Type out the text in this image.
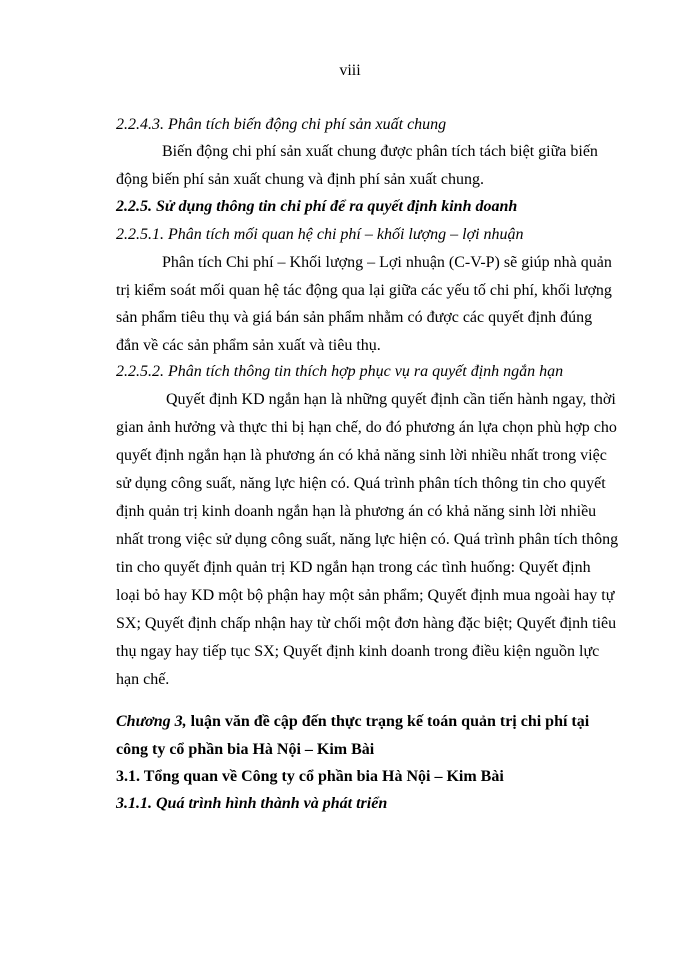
viii
2.2.4.3. Phân tích biến động chi phí sản xuất chung
Biến động chi phí sản xuất chung được phân tích tách biệt giữa biến
động biến phí sản xuất chung và định phí sản xuất chung.
2.2.5. Sử dụng thông tin chi phí để ra quyết định kinh doanh
2.2.5.1. Phân tích mối quan hệ chi phí – khối lượng – lợi nhuận
Phân tích Chi phí – Khối lượng – Lợi nhuận (C-V-P) sẽ giúp nhà quản
trị kiểm soát mối quan hệ tác động qua lại giữa các yếu tố chi phí, khối lượng
sản phẩm tiêu thụ và giá bán sản phẩm nhằm có được các quyết định đúng
đắn về các sản phẩm sản xuất và tiêu thụ.
2.2.5.2. Phân tích thông tin thích hợp phục vụ ra quyết định ngắn hạn
Quyết định KD ngắn hạn là những quyết định cần tiến hành ngay, thời
gian ảnh hưởng và thực thi bị hạn chế, do đó phương án lựa chọn phù hợp cho
quyết định ngắn hạn là phương án có khả năng sinh lời nhiều nhất trong việc
sử dụng công suất, năng lực hiện có. Quá trình phân tích thông tin cho quyết
định quản trị kinh doanh ngắn hạn là phương án có khả năng sinh lời nhiều
nhất trong việc sử dụng công suất, năng lực hiện có. Quá trình phân tích thông
tin cho quyết định quản trị KD ngắn hạn trong các tình huống: Quyết định
loại bỏ hay KD một bộ phận hay một sản phẩm; Quyết định mua ngoài hay tự
SX; Quyết định chấp nhận hay từ chối một đơn hàng đặc biệt; Quyết định tiêu
thụ ngay hay tiếp tục SX; Quyết định kinh doanh trong điều kiện nguồn lực
hạn chế.
Chương 3, luận văn đề cập đến thực trạng kế toán quản trị chi phí tại
công ty cổ phần bia Hà Nội – Kim Bài
3.1. Tổng quan về Công ty cổ phần bia Hà Nội – Kim Bài
3.1.1. Quá trình hình thành và phát triển
